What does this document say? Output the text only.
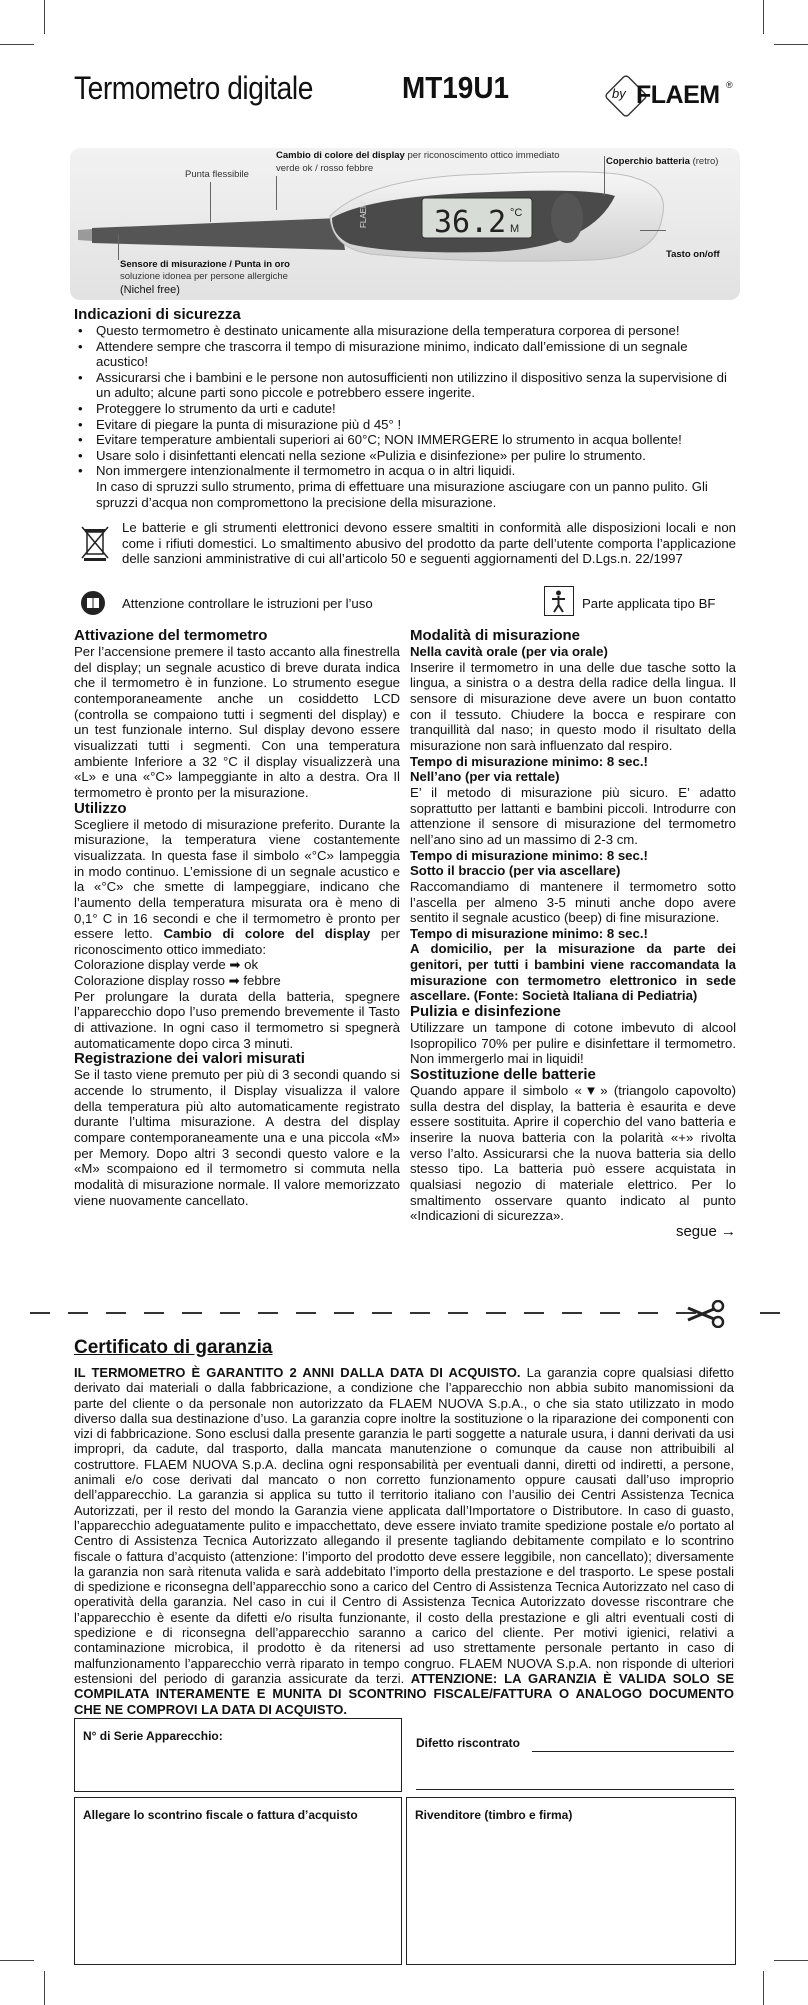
Termometro digitale	MT19U1	by FLAEM ®
36.2 °C
M
FLAEM
Punta flessibile
Cambio di colore del display per riconoscimento ottico immediato
verde ok / rosso febbre
Coperchio batteria (retro)
Sensore di misurazione / Punta in oro
soluzione idonea per persone allergiche
(Nichel free)
Tasto on/off
Indicazioni di sicurezza
• Questo termometro è destinato unicamente alla misurazione della temperatura corporea di persone!
• Attendere sempre che trascorra il tempo di misurazione minimo, indicato dall’emissione di un segnale acustico!
• Assicurarsi che i bambini e le persone non autosufficienti non utilizzino il dispositivo senza la supervisione di un adulto; alcune parti sono piccole e potrebbero essere ingerite.
• Proteggere lo strumento da urti e cadute!
• Evitare di piegare la punta di misurazione più d 45° !
• Evitare temperature ambientali superiori ai 60°C; NON IMMERGERE lo strumento in acqua bollente!
• Usare solo i disinfettanti elencati nella sezione «Pulizia e disinfezione» per pulire lo strumento.
• Non immergere intenzionalmente il termometro in acqua o in altri liquidi.
In caso di spruzzi sullo strumento, prima di effettuare una misurazione asciugare con un panno pulito. Gli spruzzi d’acqua non compromettono la precisione della misurazione.
Le batterie e gli strumenti elettronici devono essere smaltiti in conformità alle disposizioni locali e non come i rifiuti domestici. Lo smaltimento abusivo del prodotto da parte dell’utente comporta l’applicazione delle sanzioni amministrative di cui all’articolo 50 e seguenti aggiornamenti del D.Lgs.n. 22/1997
Attenzione controllare le istruzioni per l’uso	Parte applicata tipo BF

Attivazione del termometro

Per l’accensione premere il tasto accanto alla finestrella del display; un segnale acustico di breve durata indica che il termometro è in funzione. Lo strumento esegue contemporaneamente anche un cosiddetto LCD (controlla se compaiono tutti i segmenti del display) e un test funzionale interno. Sul display devono essere visualizzati tutti i segmenti. Con una temperatura ambiente Inferiore a 32 °C il display visualizzerà una «L» e una «°C» lampeggiante in alto a destra. Ora Il termometro è pronto per la misurazione.

Utilizzo

Scegliere il metodo di misurazione preferito. Durante la misurazione, la temperatura viene costantemente visualizzata. In questa fase il simbolo «°C» lampeggia in modo continuo. L’emissione di un segnale acustico e la «°C» che smette di lampeggiare, indicano che l’aumento della temperatura misurata ora è meno di 0,1° C in 16 secondi e che il termometro è pronto per essere letto. Cambio di colore del display per riconoscimento ottico immediato:

Colorazione display verde ➡ ok

Colorazione display rosso ➡ febbre

Per prolungare la durata della batteria, spegnere l’apparecchio dopo l’uso premendo brevemente il Tasto di attivazione. In ogni caso il termometro si spegnerà automaticamente dopo circa 3 minuti.

Registrazione dei valori misurati

Se il tasto viene premuto per più di 3 secondi quando si accende lo strumento, il Display visualizza il valore della temperatura più alto automaticamente registrato durante l’ultima misurazione. A destra del display compare contemporaneamente una e una piccola «M» per Memory. Dopo altri 3 secondi questo valore e la «M» scompaiono ed il termometro si commuta nella modalità di misurazione normale. Il valore memorizzato viene nuovamente cancellato.

Modalità di misurazione

Nella cavità orale (per via orale)

Inserire il termometro in una delle due tasche sotto la lingua, a sinistra o a destra della radice della lingua. Il sensore di misurazione deve avere un buon contatto con il tessuto. Chiudere la bocca e respirare con tranquillità dal naso; in questo modo il risultato della misurazione non sarà influenzato dal respiro.

Tempo di misurazione minimo: 8 sec.!

Nell’ano (per via rettale)

E’ il metodo di misurazione più sicuro. E’ adatto soprattutto per lattanti e bambini piccoli. Introdurre con attenzione il sensore di misurazione del termometro nell’ano sino ad un massimo di 2-3 cm.

Tempo di misurazione minimo: 8 sec.!

Sotto il braccio (per via ascellare)

Raccomandiamo di mantenere il termometro sotto l’ascella per almeno 3-5 minuti anche dopo avere sentito il segnale acustico (beep) di fine misurazione.

Tempo di misurazione minimo: 8 sec.!

A domicilio, per la misurazione da parte dei genitori, per tutti i bambini viene raccomandata la misurazione con termometro elettronico in sede ascellare. (Fonte: Società Italiana di Pediatria)

Pulizia e disinfezione

Utilizzare un tampone di cotone imbevuto di alcool Isopropilico 70% per pulire e disinfettare il termometro. Non immergerlo mai in liquidi!

Sostituzione delle batterie

Quando appare il simbolo «▼» (triangolo capovolto) sulla destra del display, la batteria è esaurita e deve essere sostituita. Aprire il coperchio del vano batteria e inserire la nuova batteria con la polarità «+» rivolta verso l’alto. Assicurarsi che la nuova batteria sia dello stesso tipo. La batteria può essere acquistata in qualsiasi negozio di materiale elettrico. Per lo smaltimento osservare quanto indicato al punto «Indicazioni di sicurezza».

segue →

Certificato di garanzia
IL TERMOMETRO È GARANTITO 2 ANNI DALLA DATA DI ACQUISTO. La garanzia copre qualsiasi difetto derivato dai materiali o dalla fabbricazione, a condizione che l’apparecchio non abbia subito manomissioni da parte del cliente o da personale non autorizzato da FLAEM NUOVA S.p.A., o che sia stato utilizzato in modo diverso dalla sua destinazione d’uso. La garanzia copre inoltre la sostituzione o la riparazione dei componenti con vizi di fabbricazione. Sono esclusi dalla presente garanzia le parti soggette a naturale usura, i danni derivati da usi impropri, da cadute, dal trasporto, dalla mancata manutenzione o comunque da cause non attribuibili al costruttore. FLAEM NUOVA S.p.A. declina ogni responsabilità per eventuali danni, diretti od indiretti, a persone, animali e/o cose derivati dal mancato o non corretto funzionamento oppure causati dall’uso improprio dell’apparecchio. La garanzia si applica su tutto il territorio italiano con l’ausilio dei Centri Assistenza Tecnica Autorizzati, per il resto del mondo la Garanzia viene applicata dall’Importatore o Distributore. In caso di guasto, l’apparecchio adeguatamente pulito e impacchettato, deve essere inviato tramite spedizione postale e/o portato al Centro di Assistenza Tecnica Autorizzato allegando il presente tagliando debitamente compilato e lo scontrino fiscale o fattura d’acquisto (attenzione: l’importo del prodotto deve essere leggibile, non cancellato); diversamente la garanzia non sarà ritenuta valida e sarà addebitato l’importo della prestazione e del trasporto. Le spese postali di spedizione e riconsegna dell’apparecchio sono a carico del Centro di Assistenza Tecnica Autorizzato nel caso di operatività della garanzia. Nel caso in cui il Centro di Assistenza Tecnica Autorizzato dovesse riscontrare che l’apparecchio è esente da difetti e/o risulta funzionante, il costo della prestazione e gli altri eventuali costi di spedizione e di riconsegna dell’apparecchio saranno a carico del cliente. Per motivi igienici, relativi a contaminazione microbica, il prodotto è da ritenersi ad uso strettamente personale pertanto in caso di malfunzionamento l’apparecchio verrà riparato in tempo congruo. FLAEM NUOVA S.p.A. non risponde di ulteriori estensioni del periodo di garanzia assicurate da terzi. ATTENZIONE: LA GARANZIA È VALIDA SOLO SE COMPILATA INTERAMENTE E MUNITA DI SCONTRINO FISCALE/FATTURA O ANALOGO DOCUMENTO CHE NE COMPROVI LA DATA DI ACQUISTO.
N° di Serie Apparecchio:	Difetto riscontrato
Allegare lo scontrino fiscale o fattura d’acquisto	Rivenditore (timbro e firma)
